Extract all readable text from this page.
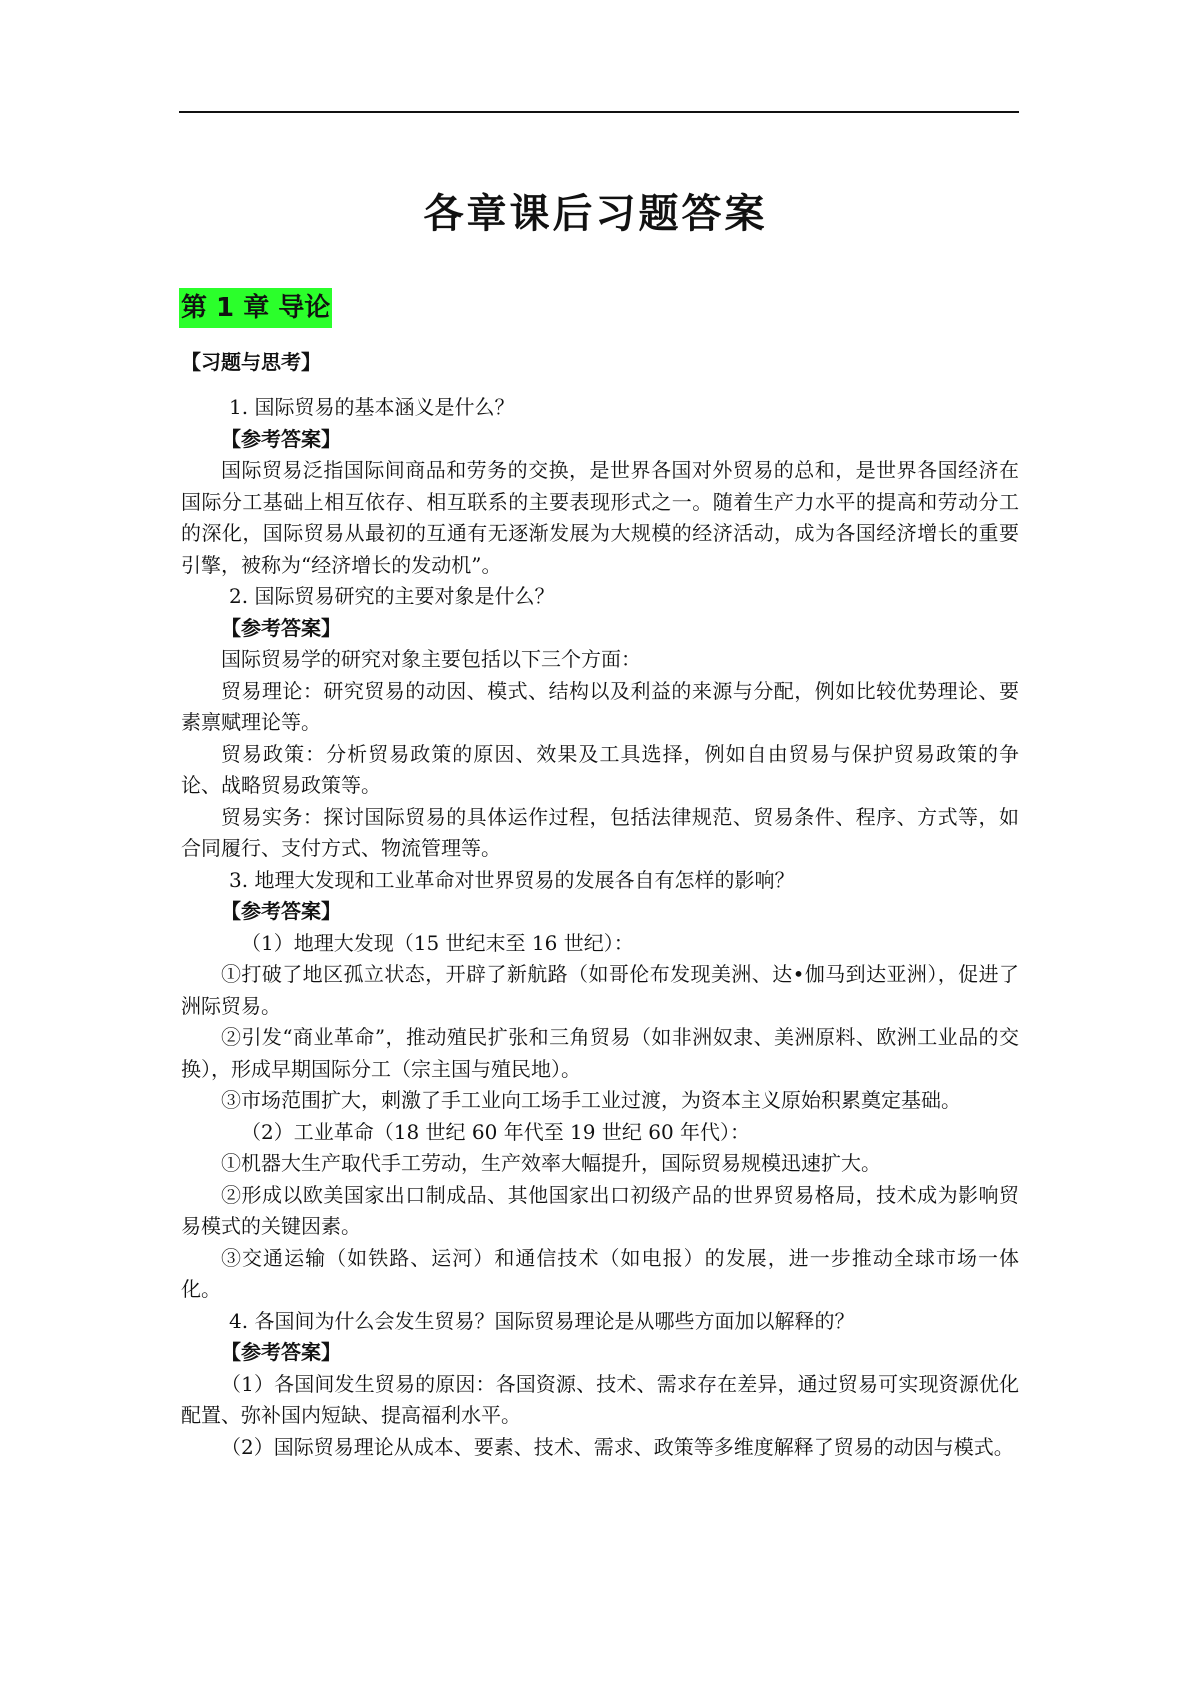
各章课后习题答案
第 1 章 导论
【习题与思考】

1. 国际贸易的基本涵义是什么？

【参考答案】

国际贸易泛指国际间商品和劳务的交换，是世界各国对外贸易的总和，是世界各国经济在国际分工基础上相互依存、相互联系的主要表现形式之一。随着生产力水平的提高和劳动分工的深化，国际贸易从最初的互通有无逐渐发展为大规模的经济活动，成为各国经济增长的重要引擎，被称为“经济增长的发动机”。

2. 国际贸易研究的主要对象是什么？

【参考答案】

国际贸易学的研究对象主要包括以下三个方面：

贸易理论：研究贸易的动因、模式、结构以及利益的来源与分配，例如比较优势理论、要素禀赋理论等。

贸易政策：分析贸易政策的原因、效果及工具选择，例如自由贸易与保护贸易政策的争论、战略贸易政策等。

贸易实务：探讨国际贸易的具体运作过程，包括法律规范、贸易条件、程序、方式等，如合同履行、支付方式、物流管理等。

3. 地理大发现和工业革命对世界贸易的发展各自有怎样的影响？

【参考答案】

（1）地理大发现（15 世纪末至 16 世纪）：

①打破了地区孤立状态，开辟了新航路（如哥伦布发现美洲、达•伽马到达亚洲），促进了洲际贸易。

②引发“商业革命”，推动殖民扩张和三角贸易（如非洲奴隶、美洲原料、欧洲工业品的交换），形成早期国际分工（宗主国与殖民地）。

③市场范围扩大，刺激了手工业向工场手工业过渡，为资本主义原始积累奠定基础。

（2）工业革命（18 世纪 60 年代至 19 世纪 60 年代）：

①机器大生产取代手工劳动，生产效率大幅提升，国际贸易规模迅速扩大。

②形成以欧美国家出口制成品、其他国家出口初级产品的世界贸易格局，技术成为影响贸易模式的关键因素。

③交通运输（如铁路、运河）和通信技术（如电报）的发展，进一步推动全球市场一体化。

4. 各国间为什么会发生贸易？国际贸易理论是从哪些方面加以解释的？

【参考答案】

（1）各国间发生贸易的原因：各国资源、技术、需求存在差异，通过贸易可实现资源优化配置、弥补国内短缺、提高福利水平。

（2）国际贸易理论从成本、要素、技术、需求、政策等多维度解释了贸易的动因与模式。
